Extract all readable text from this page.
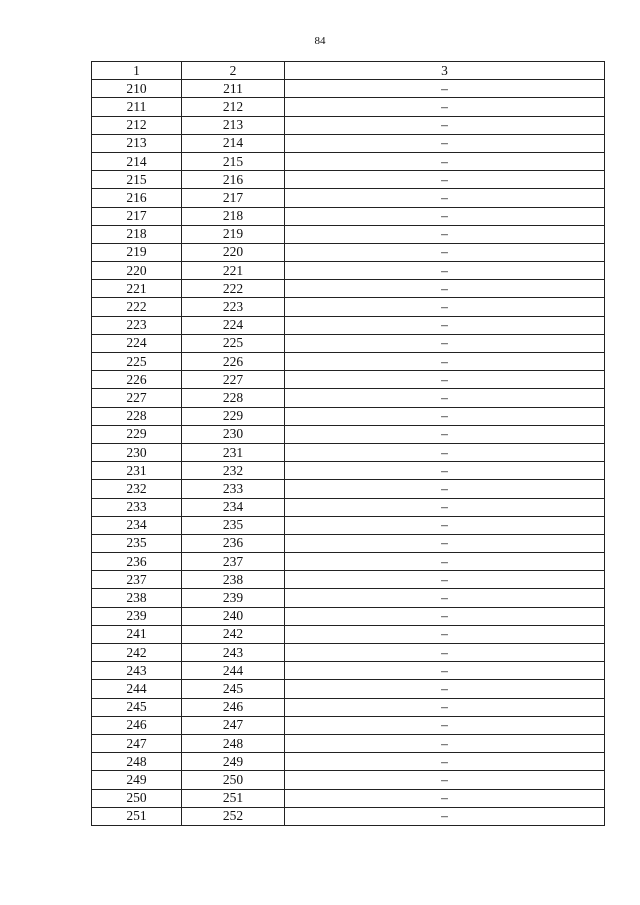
84
1	2	3
210	211	–
211	212	–
212	213	–
213	214	–
214	215	–
215	216	–
216	217	–
217	218	–
218	219	–
219	220	–
220	221	–
221	222	–
222	223	–
223	224	–
224	225	–
225	226	–
226	227	–
227	228	–
228	229	–
229	230	–
230	231	–
231	232	–
232	233	–
233	234	–
234	235	–
235	236	–
236	237	–
237	238	–
238	239	–
239	240	–
241	242	–
242	243	–
243	244	–
244	245	–
245	246	–
246	247	–
247	248	–
248	249	–
249	250	–
250	251	–
251	252	–
